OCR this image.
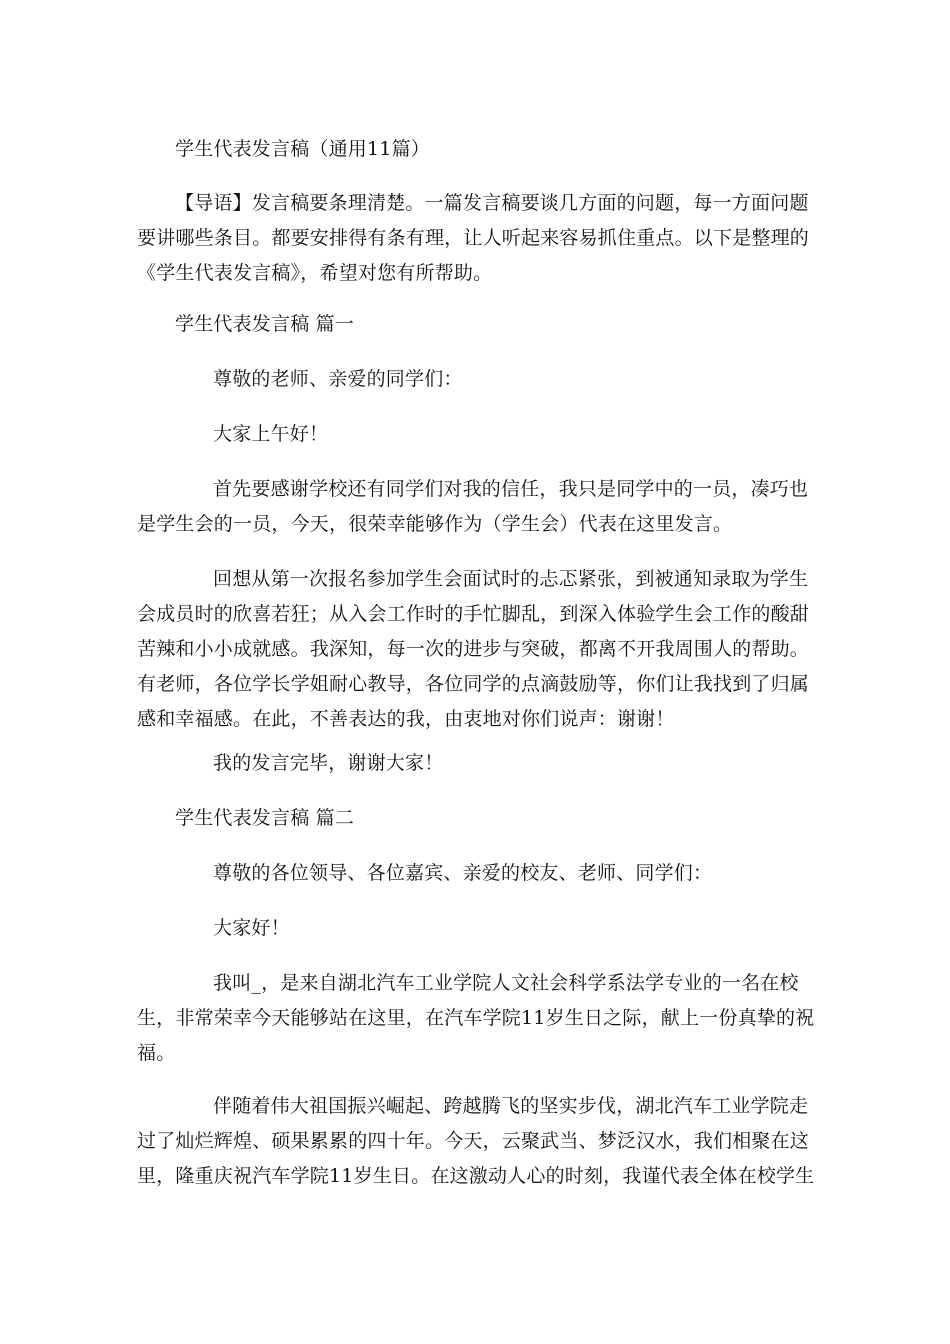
学生代表发言稿（通用11篇）

【导语】发言稿要条理清楚。一篇发言稿要谈几方面的问题，每一方面问题
要讲哪些条目。都要安排得有条有理，让人听起来容易抓住重点。以下是整理的
《学生代表发言稿》，希望对您有所帮助。

学生代表发言稿 篇一

尊敬的老师、亲爱的同学们：

大家上午好！

首先要感谢学校还有同学们对我的信任，我只是同学中的一员，凑巧也
是学生会的一员，今天，很荣幸能够作为（学生会）代表在这里发言。

回想从第一次报名参加学生会面试时的忐忑紧张，到被通知录取为学生
会成员时的欣喜若狂；从入会工作时的手忙脚乱，到深入体验学生会工作的酸甜
苦辣和小小成就感。我深知，每一次的进步与突破，都离不开我周围人的帮助。
有老师，各位学长学姐耐心教导，各位同学的点滴鼓励等，你们让我找到了归属
感和幸福感。在此，不善表达的我，由衷地对你们说声：谢谢！

我的发言完毕，谢谢大家！

学生代表发言稿 篇二

尊敬的各位领导、各位嘉宾、亲爱的校友、老师、同学们：

大家好！

我叫_，是来自湖北汽车工业学院人文社会科学系法学专业的一名在校
生，非常荣幸今天能够站在这里，在汽车学院11岁生日之际，献上一份真挚的祝
福。

伴随着伟大祖国振兴崛起、跨越腾飞的坚实步伐，湖北汽车工业学院走
过了灿烂辉煌、硕果累累的四十年。今天，云聚武当、梦泛汉水，我们相聚在这
里，隆重庆祝汽车学院11岁生日。在这激动人心的时刻，我谨代表全体在校学生
